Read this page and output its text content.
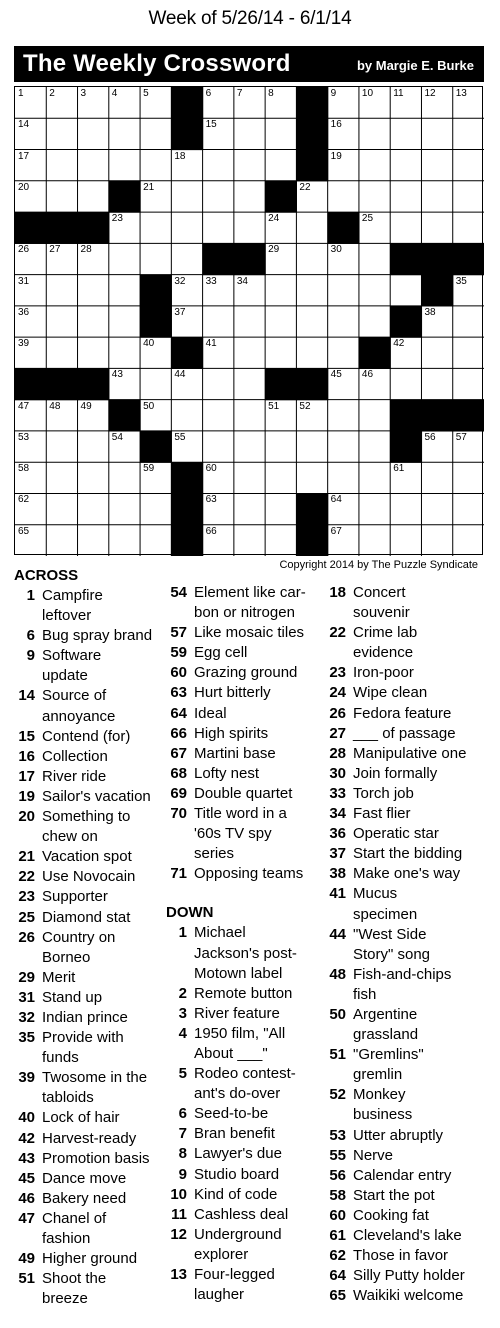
Week of 5/26/14 - 6/1/14
The Weekly Crossword	by Margie E. Burke
1	2	3	4	5	6	7	8	9	10 11 12 13
14	15	16
17	18	19
20	21	22
23	24	25
26 27 28	29	30
31	32 33 34	35
36	37	38
39	40	41	42
43	44	45 46
47 48 49	50	51 52
53	54	55	56 57
58	59	60	61
62	63	64
65	66	67
Copyright 2014 by The Puzzle Syndicate
ACROSS
1 Campfire
leftover
6 Bug spray brand
9 Software
update
14 Source of
annoyance
15 Contend (for)
16 Collection
17 River ride
19 Sailor's vacation
20 Something to
chew on
21 Vacation spot
22 Use Novocain
23 Supporter
25 Diamond stat
26 Country on
Borneo
29 Merit
31 Stand up
32 Indian prince
35 Provide with
funds
39 Twosome in the
tabloids
40 Lock of hair
42 Harvest-ready
43 Promotion basis
45 Dance move
46 Bakery need
47 Chanel of
fashion
49 Higher ground
51 Shoot the
breeze
54 Element like car-
bon or nitrogen
57 Like mosaic tiles
59 Egg cell
60 Grazing ground
63 Hurt bitterly
64 Ideal
66 High spirits
67 Martini base
68 Lofty nest
69 Double quartet
70 Title word in a
'60s TV spy
series
71 Opposing teams
DOWN
1 Michael
Jackson's post-
Motown label
2 Remote button
3 River feature
4 1950 film, "All
About ___"
5 Rodeo contest-
ant's do-over
6 Seed-to-be
7 Bran benefit
8 Lawyer's due
9 Studio board
10 Kind of code
11 Cashless deal
12 Underground
explorer
13 Four-legged
laugher
18 Concert
souvenir
22 Crime lab
evidence
23 Iron-poor
24 Wipe clean
26 Fedora feature
27 ___ of passage
28 Manipulative one
30 Join formally
33 Torch job
34 Fast flier
36 Operatic star
37 Start the bidding
38 Make one's way
41 Mucus
specimen
44 "West Side
Story" song
48 Fish-and-chips
fish
50 Argentine
grassland
51 "Gremlins"
gremlin
52 Monkey
business
53 Utter abruptly
55 Nerve
56 Calendar entry
58 Start the pot
60 Cooking fat
61 Cleveland's lake
62 Those in favor
64 Silly Putty holder
65 Waikiki welcome
